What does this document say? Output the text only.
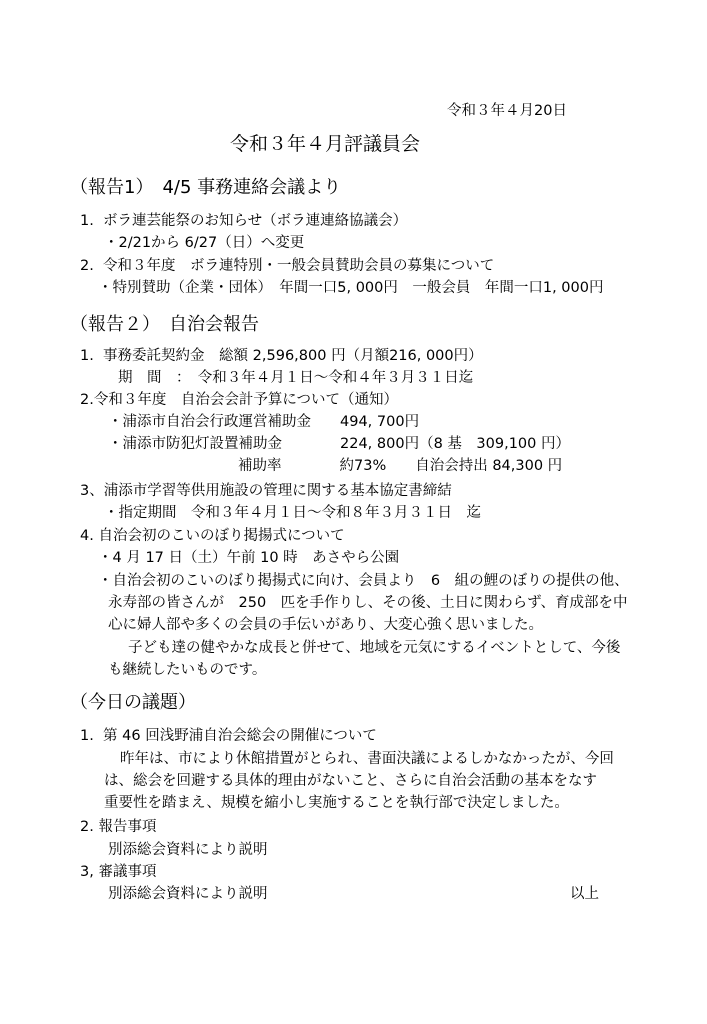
令和３年４月20日
令和３年４月評議員会
（報告1）　4/5 事務連絡会議より
1.  ボラ連芸能祭のお知らせ（ボラ連連絡協議会）
・2/21から 6/27（日）へ変更
2.  令和３年度　ボラ連特別・一般会員賛助会員の募集について
・特別賛助（企業・団体）　年間一口5, 000円　一般会員　年間一口1, 000円
（報告２）　自治会報告
1.  事務委託契約金　総額 2,596,800 円（月額216, 000円）
期　間　：　令和３年４月１日～令和４年３月３１日迄
2.令和３年度　自治会会計予算について（通知）
・浦添市自治会行政運営補助金　　494, 700円
・浦添市防犯灯設置補助金　　　　224, 800円（8 基　309,100 円）
補助率　　　　約73%　　自治会持出 84,300 円
3、浦添市学習等供用施設の管理に関する基本協定書締結
・指定期間　令和３年４月１日～令和８年３月３１日　迄
4. 自治会初のこいのぼり掲揚式について
・4 月 17 日（土）午前 10 時　あさやら公園
・自治会初のこいのぼり掲揚式に向け、会員より　6　組の鯉のぼりの提供の他、
永寿部の皆さんが　250　匹を手作りし、その後、土日に関わらず、育成部を中
心に婦人部や多くの会員の手伝いがあり、大変心強く思いました。
子ども達の健やかな成長と併せて、地域を元気にするイベントとして、今後
も継続したいものです。
（今日の議題）
1.  第 46 回浅野浦自治会総会の開催について
昨年は、市により休館措置がとられ、書面決議によるしかなかったが、今回
は、総会を回避する具体的理由がないこと、さらに自治会活動の基本をなす
重要性を踏まえ、規模を縮小し実施することを執行部で決定しました。
2. 報告事項
別添総会資料により説明
3, 審議事項
別添総会資料により説明	以上
